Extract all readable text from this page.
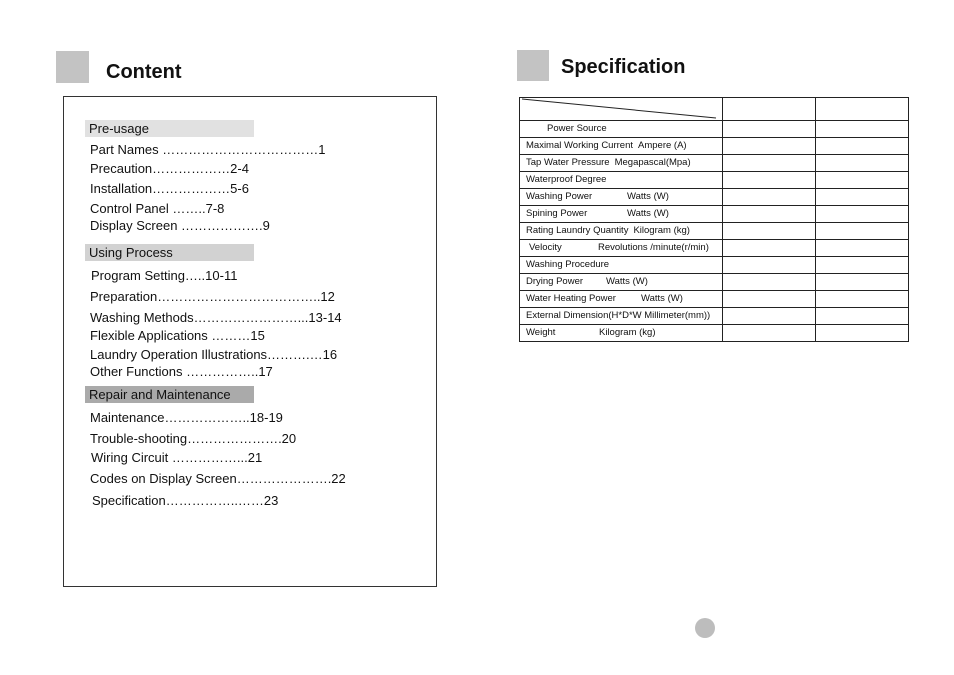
Content
Pre-usage
Part Names ………………………………1
Precaution………………2-4
Installation………………5-6
Control Panel ……..7-8
Display Screen ……………….9
Using Process
Program Setting…..10-11
Preparation………………………………..12
Washing Methods……………………...13-14
Flexible Applications ………15
Laundry Operation Illustrations……….…16
Other Functions ……………..17
Repair and Maintenance
Maintenance………………..18-19
Trouble-shooting………………….20
Wiring Circuit ……………...21
Codes on Display Screen………………….22
Specification……………..……23
Specification

Power Source		
Maximal Working Current Ampere (A)		
Tap Water Pressure Megapascal(Mpa)		
Waterproof Degree		
Washing Power Watts (W)		
Spining Power Watts (W)		
Rating Laundry Quantity Kilogram (kg)		
Velocity Revolutions /minute(r/min)		
Washing Procedure		
Drying Power Watts (W)		
Water Heating Power Watts (W)		
External Dimension(H*D*W Millimeter(mm))		
Weight Kilogram (kg)		
